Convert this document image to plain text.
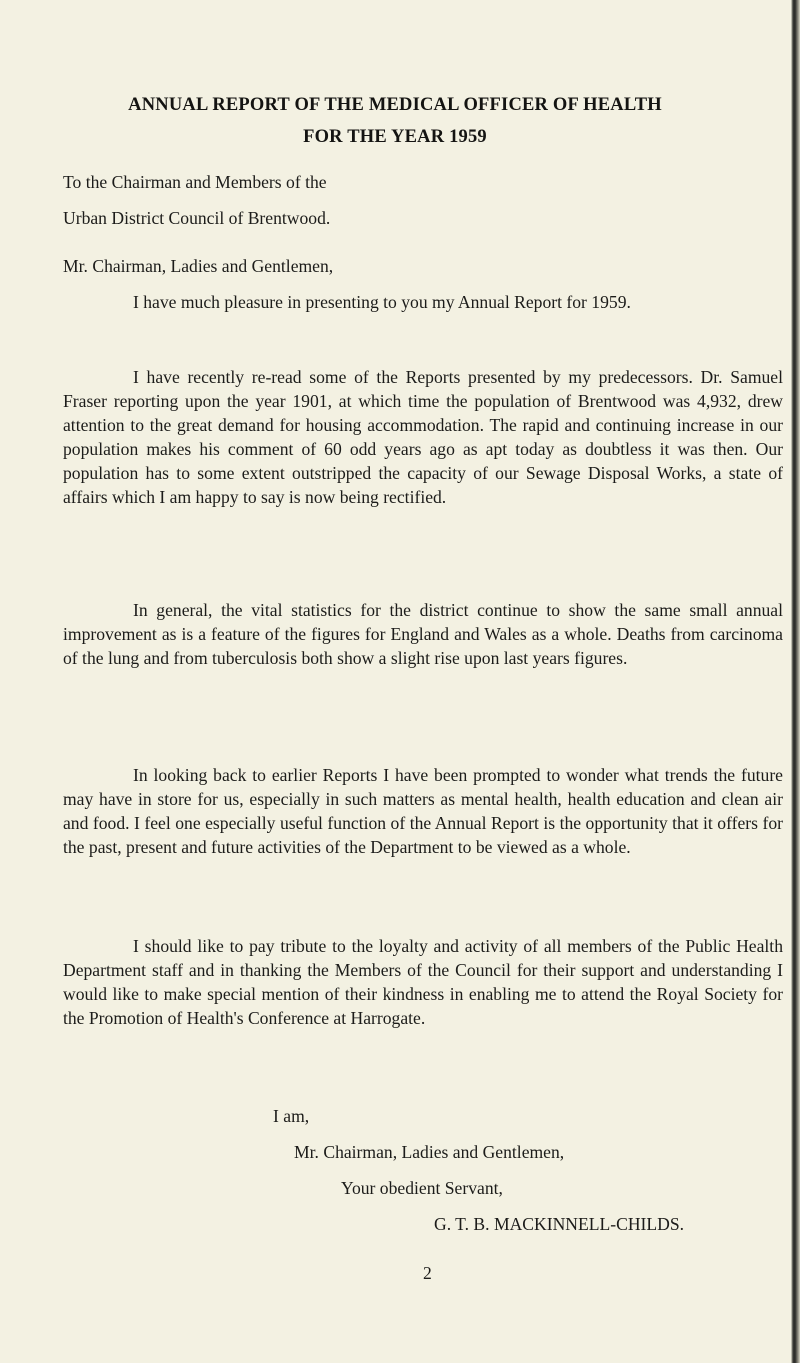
ANNUAL REPORT OF THE MEDICAL OFFICER OF HEALTH
FOR THE YEAR 1959
To the Chairman and Members of the
Urban District Council of Brentwood.
Mr. Chairman, Ladies and Gentlemen,

I have much pleasure in presenting to you my Annual Report for 1959.

I have recently re-read some of the Reports presented by my predecessors. Dr. Samuel Fraser reporting upon the year 1901, at which time the population of Brentwood was 4,932, drew attention to the great demand for housing accommodation. The rapid and continuing increase in our population makes his comment of 60 odd years ago as apt today as doubtless it was then. Our population has to some extent outstripped the capacity of our Sewage Disposal Works, a state of affairs which I am happy to say is now being rectified.

In general, the vital statistics for the district continue to show the same small annual improvement as is a feature of the figures for England and Wales as a whole. Deaths from carcinoma of the lung and from tuberculosis both show a slight rise upon last years figures.

In looking back to earlier Reports I have been prompted to wonder what trends the future may have in store for us, especially in such matters as mental health, health education and clean air and food. I feel one especially useful function of the Annual Report is the opportunity that it offers for the past, present and future activities of the Department to be viewed as a whole.

I should like to pay tribute to the loyalty and activity of all members of the Public Health Department staff and in thanking the Members of the Council for their support and understanding I would like to make special mention of their kindness in enabling me to attend the Royal Society for the Promotion of Health's Conference at Harrogate.

I am,
Mr. Chairman, Ladies and Gentlemen,
Your obedient Servant,
G. T. B. MACKINNELL-CHILDS.
2
